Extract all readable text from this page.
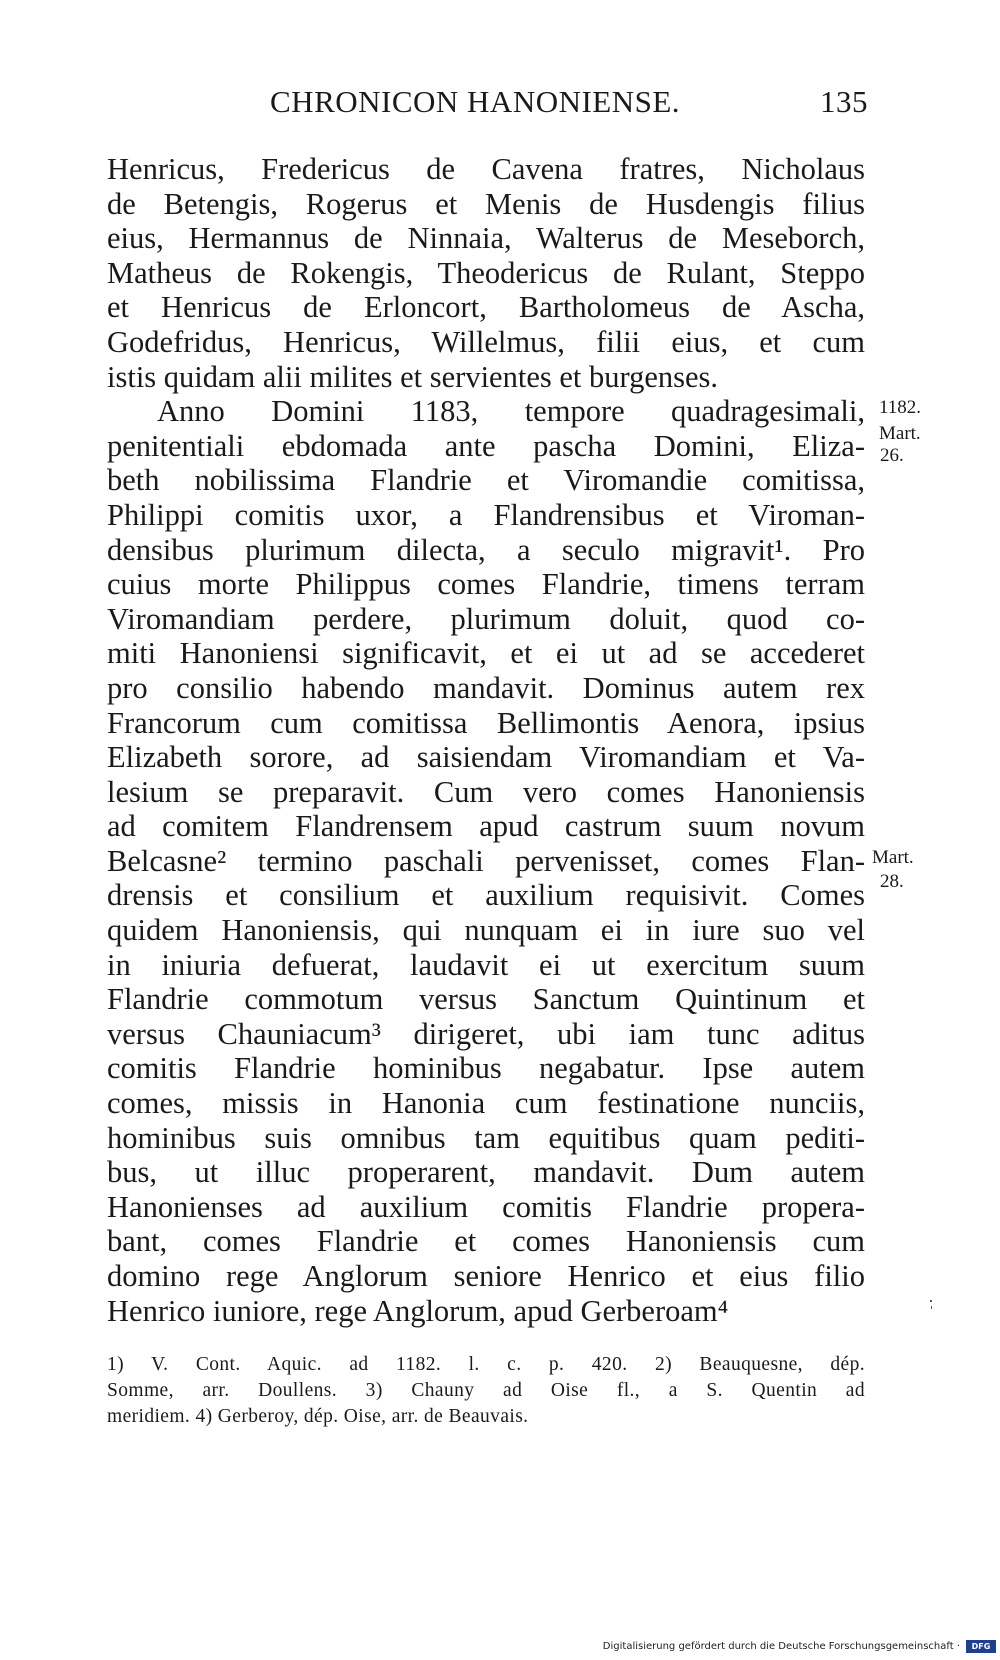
CHRONICON HANONIENSE.	135
Henricus, Fredericus de Cavena fratres, Nicholaus
de Betengis, Rogerus et Menis de Husdengis filius
eius, Hermannus de Ninnaia, Walterus de Meseborch,
Matheus de Rokengis, Theodericus de Rulant, Steppo
et Henricus de Erloncort, Bartholomeus de Ascha,
Godefridus, Henricus, Willelmus, filii eius, et cum
istis quidam alii milites et servientes et burgenses.
Anno Domini 1183, tempore quadragesimali,
penitentiali ebdomada ante pascha Domini, Eliza-
beth nobilissima Flandrie et Viromandie comitissa,
Philippi comitis uxor, a Flandrensibus et Viroman-
densibus plurimum dilecta, a seculo migravit¹. Pro
cuius morte Philippus comes Flandrie, timens terram
Viromandiam perdere, plurimum doluit, quod co-
miti Hanoniensi significavit, et ei ut ad se accederet
pro consilio habendo mandavit. Dominus autem rex
Francorum cum comitissa Bellimontis Aenora, ipsius
Elizabeth sorore, ad saisiendam Viromandiam et Va-
lesium se preparavit. Cum vero comes Hanoniensis
ad comitem Flandrensem apud castrum suum novum
Belcasne² termino paschali pervenisset, comes Flan-
drensis et consilium et auxilium requisivit. Comes
quidem Hanoniensis, qui nunquam ei in iure suo vel
in iniuria defuerat, laudavit ei ut exercitum suum
Flandrie commotum versus Sanctum Quintinum et
versus Chauniacum³ dirigeret, ubi iam tunc aditus
comitis Flandrie hominibus negabatur. Ipse autem
comes, missis in Hanonia cum festinatione nunciis,
hominibus suis omnibus tam equitibus quam pediti-
bus, ut illuc properarent, mandavit. Dum autem
Hanonienses ad auxilium comitis Flandrie propera-
bant, comes Flandrie et comes Hanoniensis cum
domino rege Anglorum seniore Henrico et eius filio
Henrico iuniore, rege Anglorum, apud Gerberoam⁴
1182.
Mart.
26.
Mart.
28.
1) V. Cont. Aquic. ad 1182. l. c. p. 420. 2) Beauquesne, dép.
Somme, arr. Doullens. 3) Chauny ad Oise fl., a S. Quentin ad
meridiem. 4) Gerberoy, dép. Oise, arr. de Beauvais.
Digitalisierung gefördert durch die Deutsche Forschungsgemeinschaft ·	DFG
